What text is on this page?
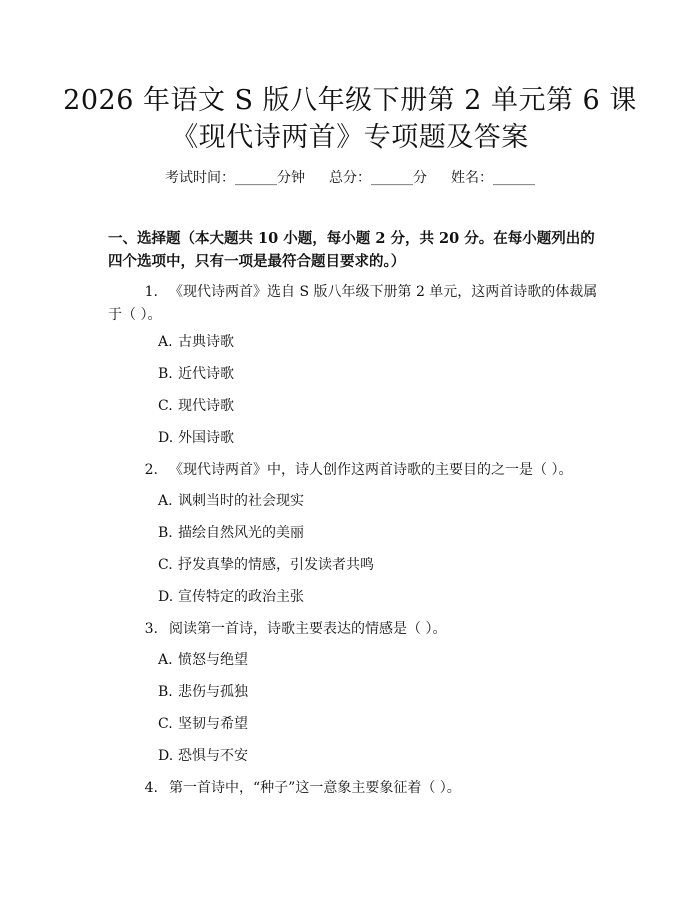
2026 年语文 S 版八年级下册第 2 单元第 6 课
《现代诗两首》专项题及答案
考试时间：______分钟 总分：______分 姓名：______
一、选择题（本大题共 10 小题，每小题 2 分，共 20 分。在每小题列出的四个选项中，只有一项是最符合题目要求的。）
1. 《现代诗两首》选自 S 版八年级下册第 2 单元，这两首诗歌的体裁属于（ ）。
A. 古典诗歌
B. 近代诗歌
C. 现代诗歌
D. 外国诗歌
2. 《现代诗两首》中，诗人创作这两首诗歌的主要目的之一是（ ）。
A. 讽刺当时的社会现实
B. 描绘自然风光的美丽
C. 抒发真挚的情感，引发读者共鸣
D. 宣传特定的政治主张
3. 阅读第一首诗，诗歌主要表达的情感是（ ）。
A. 愤怒与绝望
B. 悲伤与孤独
C. 坚韧与希望
D. 恐惧与不安
4. 第一首诗中，“种子”这一意象主要象征着（ ）。
